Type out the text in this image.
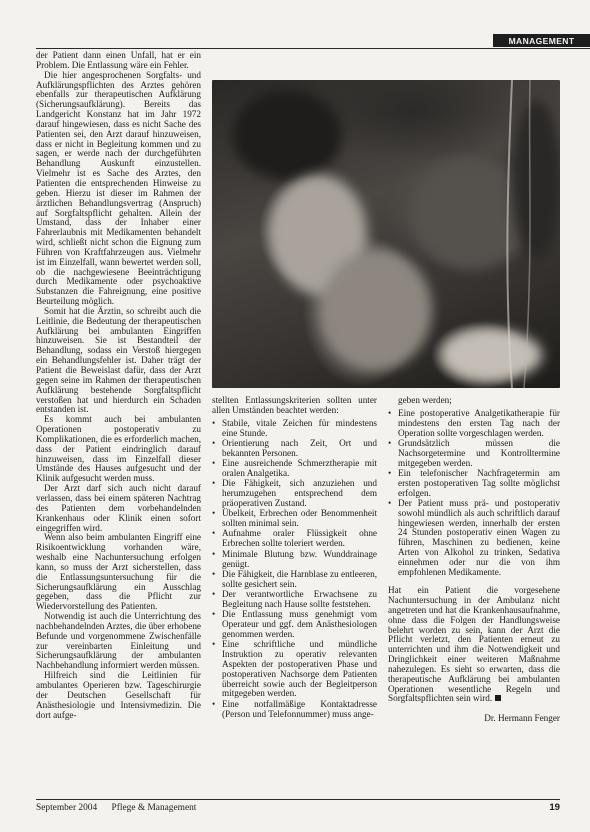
MANAGEMENT

der Patient dann einen Unfall, hat er ein Problem. Die Entlassung wäre ein Fehler.

Die hier angesprochenen Sorgfalts- und Aufklärungspflichten des Arztes gehören ebenfalls zur therapeutischen Aufklärung (Sicherungsaufklärung). Bereits das Landgericht Konstanz hat im Jahr 1972 darauf hingewiesen, dass es nicht Sache des Patienten sei, den Arzt darauf hinzuweisen, dass er nicht in Begleitung kommen und zu sagen, er werde nach der durchgeführten Behandlung Auskunft einzustellen. Vielmehr ist es Sache des Arztes, den Patienten die entsprechenden Hinweise zu geben. Hierzu ist dieser im Rahmen der ärztlichen Behandlungsvertrag (Anspruch) auf Sorgfaltspflicht gehalten. Allein der Umstand, dass der Inhaber einer Fahrerlaubnis mit Medikamenten behandelt wird, schließt nicht schon die Eignung zum Führen von Kraftfahrzeugen aus. Vielmehr ist im Einzelfall, wann bewertet werden soll, ob die nachgewiesene Beeinträchtigung durch Medikamente oder psychoaktive Substanzen die Fahreignung, eine positive Beurteilung möglich.

Somit hat die Ärztin, so schreibt auch die Leitlinie, die Bedeutung der therapeutischen Aufklärung bei ambulanten Eingriffen hinzuweisen. Sie ist Bestandteil der Behandlung, sodass ein Verstoß hiergegen ein Behandlungsfehler ist. Daher trägt der Patient die Beweislast dafür, dass der Arzt gegen seine im Rahmen der therapeutischen Aufklärung bestehende Sorgfaltspflicht verstoßen hat und hierdurch ein Schaden entstanden ist.

Es kommt auch bei ambulanten Operationen postoperativ zu Komplikationen, die es erforderlich machen, dass der Patient eindringlich darauf hinzuweisen, dass im Einzelfall dieser Umstände des Hauses aufgesucht und der Klinik aufgesucht werden muss.

Der Arzt darf sich auch nicht darauf verlassen, dass bei einem späteren Nachtrag des Patienten dem vorbehandelnden Krankenhaus oder Klinik einen sofort eingegriffen wird.

Wenn also beim ambulanten Eingriff eine Risikoentwicklung vorhanden wäre, weshalb eine Nachuntersuchung erfolgen kann, so muss der Arzt sicherstellen, dass die Entlassungsuntersuchung für die Sicherungsaufklärung ein Ausschlag gegeben, dass die Pflicht zur Wiedervorstellung des Patienten.

Notwendig ist auch die Unterrichtung des nachbehandelnden Arztes, die über erhobene Befunde und vorgenommene Zwischenfälle zur vereinbarten Einleitung und Sicherungsaufklärung der ambulanten Nachbehandlung informiert werden müssen.

Hilfreich sind die Leitlinien für ambulantes Operieren bzw. Tageschirurgie der Deutschen Gesellschaft für Anästhesiologie und Intensivmedizin. Die dort aufge-

stellten Entlassungskriterien sollten unter allen Umständen beachtet werden:

• Stabile, vitale Zeichen für mindestens eine Stunde.
• Orientierung nach Zeit, Ort und bekannten Personen.
• Eine ausreichende Schmerztherapie mit oralen Analgetika.
• Die Fähigkeit, sich anzuziehen und herumzugehen entsprechend dem präoperativen Zustand.
• Übelkeit, Erbrechen oder Benommenheit sollten minimal sein.
• Aufnahme oraler Flüssigkeit ohne Erbrechen sollte toleriert werden.
• Minimale Blutung bzw. Wunddrainage genügt.
• Die Fähigkeit, die Harnblase zu entleeren, sollte gesichert sein.
• Der verantwortliche Erwachsene zu Begleitung nach Hause sollte feststehen.
• Die Entlassung muss genehmigt vom Operateur und ggf. dem Anästhesiologen genommen werden.
• Eine schriftliche und mündliche Instruktion zu operativ relevanten Aspekten der postoperativen Phase und postoperativen Nachsorge dem Patienten überreicht sowie auch der Begleitperson mitgegeben werden.
• Eine notfallmäßige Kontaktadresse (Person und Telefonnummer) muss ange-

geben werden;

• Eine postoperative Analgetikatherapie für mindestens den ersten Tag nach der Operation sollte vorgeschlagen werden.
• Grundsätzlich müssen die Nachsorgetermine und Kontrolltermine mitgegeben werden.
• Ein telefonischer Nachfragetermin am ersten postoperativen Tag sollte möglichst erfolgen.
• Der Patient muss prä- und postoperativ sowohl mündlich als auch schriftlich darauf hingewiesen werden, innerhalb der ersten 24 Stunden postoperativ einen Wagen zu führen, Maschinen zu bedienen, keine Arten von Alkohol zu trinken, Sedativa einnehmen oder nur die von ihm empfohlenen Medikamente.

Hat ein Patient die vorgesehene Nachuntersuchung in der Ambulanz nicht angetreten und hat die Krankenhausaufnahme, ohne dass die Folgen der Handlungsweise belehrt worden zu sein, kann der Arzt die Pflicht verletzt, den Patienten erneut zu unterrichten und ihm die Notwendigkeit und Dringlichkeit einer weiteren Maßnahme nahezulegen. Es sieht so erwarten, dass die therapeutische Aufklärung bei ambulanten Operationen wesentliche Regeln und Sorgfaltspflichten sein wird.

Dr. Hermann Fenger
September 2004 Pflege & Management	19
